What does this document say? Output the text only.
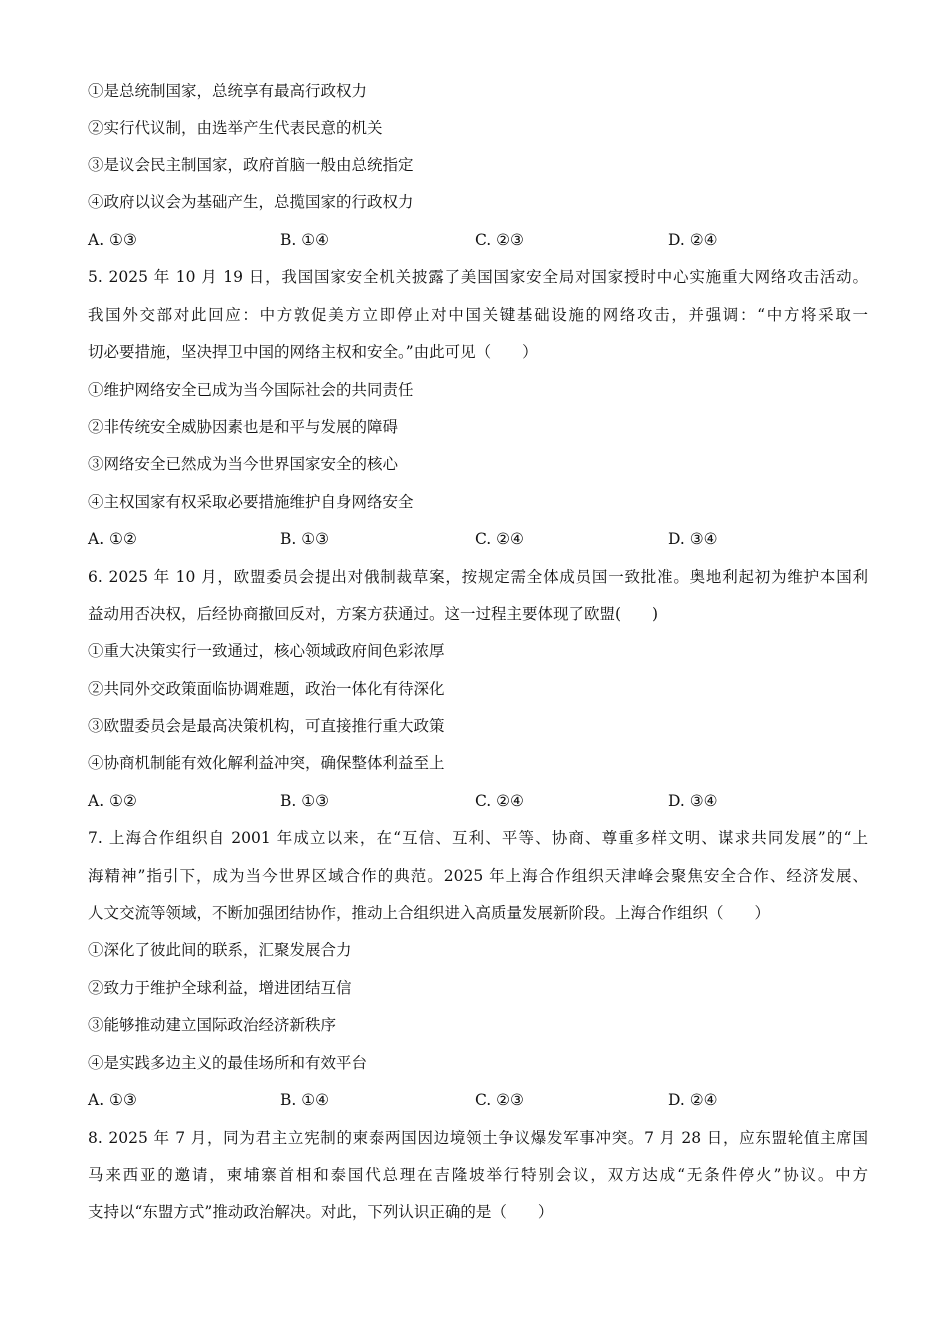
①是总统制国家，总统享有最高行政权力
②实行代议制，由选举产生代表民意的机关
③是议会民主制国家，政府首脑一般由总统指定
④政府以议会为基础产生，总揽国家的行政权力
A. ①③	B. ①④	C. ②③	D. ②④
5. 2025 年 10 月 19 日，我国国家安全机关披露了美国国家安全局对国家授时中心实施重大网络攻击活动。
我国外交部对此回应：中方敦促美方立即停止对中国关键基础设施的网络攻击，并强调：“中方将采取一
切必要措施，坚决捍卫中国的网络主权和安全。”由此可见（　　）
①维护网络安全已成为当今国际社会的共同责任
②非传统安全威胁因素也是和平与发展的障碍
③网络安全已然成为当今世界国家安全的核心
④主权国家有权采取必要措施维护自身网络安全
A. ①②	B. ①③	C. ②④	D. ③④
6. 2025 年 10 月，欧盟委员会提出对俄制裁草案，按规定需全体成员国一致批准。奥地利起初为维护本国利
益动用否决权，后经协商撤回反对，方案方获通过。这一过程主要体现了欧盟(　　)
①重大决策实行一致通过，核心领域政府间色彩浓厚
②共同外交政策面临协调难题，政治一体化有待深化
③欧盟委员会是最高决策机构，可直接推行重大政策
④协商机制能有效化解利益冲突，确保整体利益至上
A. ①②	B. ①③	C. ②④	D. ③④
7. 上海合作组织自 2001 年成立以来，在“互信、互利、平等、协商、尊重多样文明、谋求共同发展”的“上
海精神”指引下，成为当今世界区域合作的典范。2025 年上海合作组织天津峰会聚焦安全合作、经济发展、
人文交流等领域，不断加强团结协作，推动上合组织进入高质量发展新阶段。上海合作组织（　　）
①深化了彼此间的联系，汇聚发展合力
②致力于维护全球利益，增进团结互信
③能够推动建立国际政治经济新秩序
④是实践多边主义的最佳场所和有效平台
A. ①③	B. ①④	C. ②③	D. ②④
8. 2025 年 7 月，同为君主立宪制的柬泰两国因边境领土争议爆发军事冲突。7 月 28 日，应东盟轮值主席国
马来西亚的邀请，柬埔寨首相和泰国代总理在吉隆坡举行特别会议，双方达成“无条件停火”协议。中方
支持以“东盟方式”推动政治解决。对此，下列认识正确的是（　　）
